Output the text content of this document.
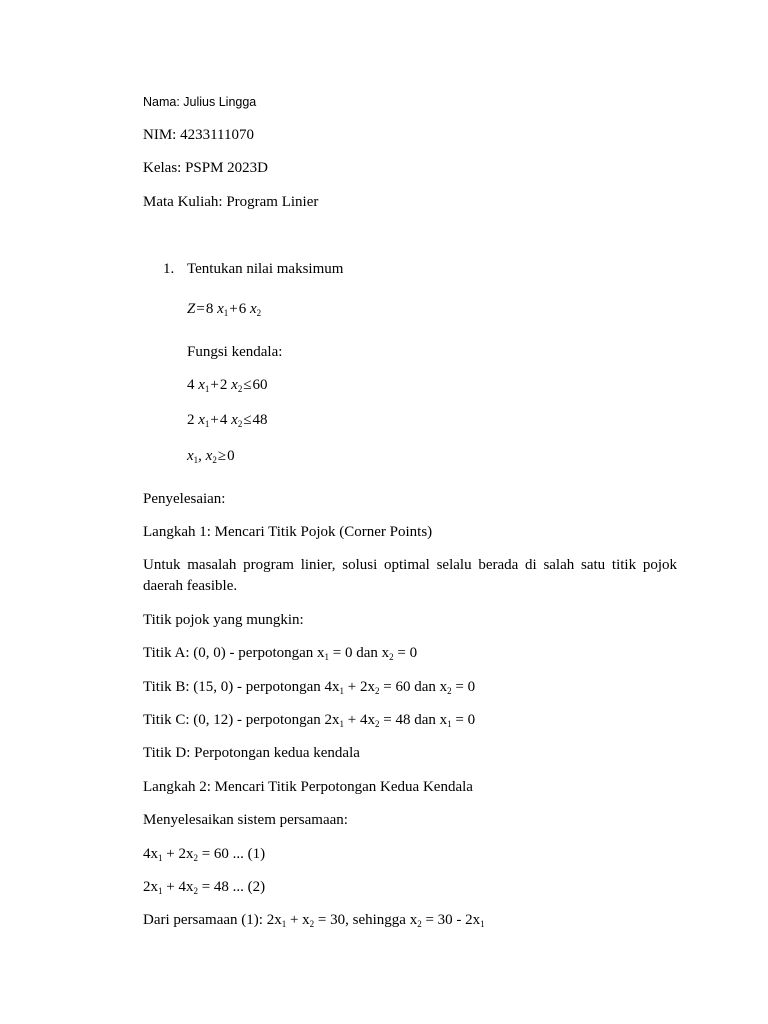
Nama: Julius Lingga
NIM: 4233111070
Kelas: PSPM 2023D
Mata Kuliah: Program Linier
1. Tentukan nilai maksimum
Z=8 $x_1+6$ $x_2$
Fungsi kendala:
4 $x_1+2$ $x_2\le 60$
2 $x_1+4$ $x_2\le 48$
$x_1$, $x_2\ge 0$
Penyelesaian:
Langkah 1: Mencari Titik Pojok (Corner Points)
Untuk masalah program linier, solusi optimal selalu berada di salah satu titik pojok daerah feasible.
Titik pojok yang mungkin:
Titik A: (0, 0) - perpotongan $x_1 = 0$ dan $x_2 = 0$
Titik B: (15, 0) - perpotongan $4x_1 + 2x_2 = 60$ dan $x_2 = 0$
Titik C: (0, 12) - perpotongan $2x_1 + 4x_2 = 48$ dan $x_1 = 0$
Titik D: Perpotongan kedua kendala
Langkah 2: Mencari Titik Perpotongan Kedua Kendala
Menyelesaikan sistem persamaan:
$4x_1 + 2x_2 = 60$ ... (1)
$2x_1 + 4x_2 = 48$ ... (2)
Dari persamaan (1): $2x_1 + x_2 = 30$, sehingga $x_2 = 30 - 2x_1$
